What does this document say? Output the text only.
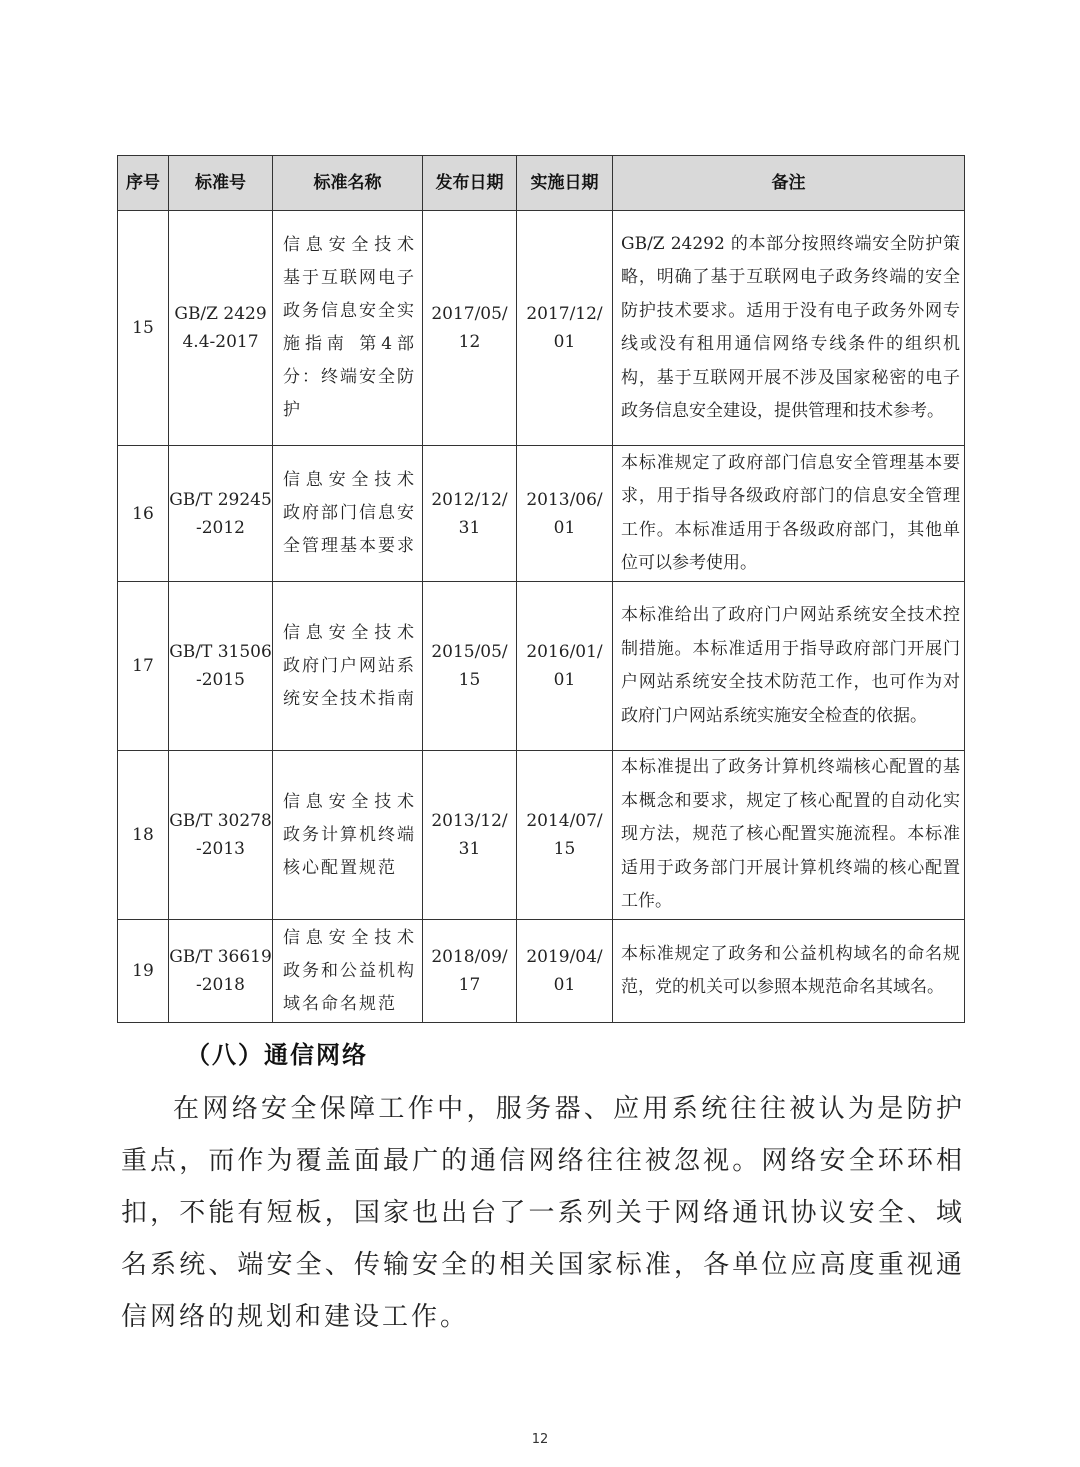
序号	标准号	标准名称	发布日期	实施日期	备注
15	GB/Z 24294.4-2017	信息安全技术 基于互联网电子政务信息安全实施指南 第4部分：终端安全防护	2017/05/12	2017/12/01	GB/Z 24292 的本部分按照终端安全防护策略，明确了基于互联网电子政务终端的安全防护技术要求。适用于没有电子政务外网专线或没有租用通信网络专线条件的组织机构，基于互联网开展不涉及国家秘密的电子政务信息安全建设，提供管理和技术参考。
16	GB/T 29245-2012	信息安全技术 政府部门信息安全管理基本要求	2012/12/31	2013/06/01	本标准规定了政府部门信息安全管理基本要求，用于指导各级政府部门的信息安全管理工作。本标准适用于各级政府部门，其他单位可以参考使用。
17	GB/T 31506-2015	信息安全技术 政府门户网站系统安全技术指南	2015/05/15	2016/01/01	本标准给出了政府门户网站系统安全技术控制措施。本标准适用于指导政府部门开展门户网站系统安全技术防范工作，也可作为对政府门户网站系统实施安全检查的依据。
18	GB/T 30278-2013	信息安全技术 政务计算机终端核心配置规范	2013/12/31	2014/07/15	本标准提出了政务计算机终端核心配置的基本概念和要求，规定了核心配置的自动化实现方法，规范了核心配置实施流程。本标准适用于政务部门开展计算机终端的核心配置工作。
19	GB/T 36619-2018	信息安全技术 政务和公益机构域名命名规范	2018/09/17	2019/04/01	本标准规定了政务和公益机构域名的命名规范，党的机关可以参照本规范命名其域名。
（八）通信网络

在网络安全保障工作中，服务器、应用系统往往被认为是防护重点，而作为覆盖面最广的通信网络往往被忽视。网络安全环环相扣，不能有短板，国家也出台了一系列关于网络通讯协议安全、域名系统、端安全、传输安全的相关国家标准，各单位应高度重视通信网络的规划和建设工作。

12
